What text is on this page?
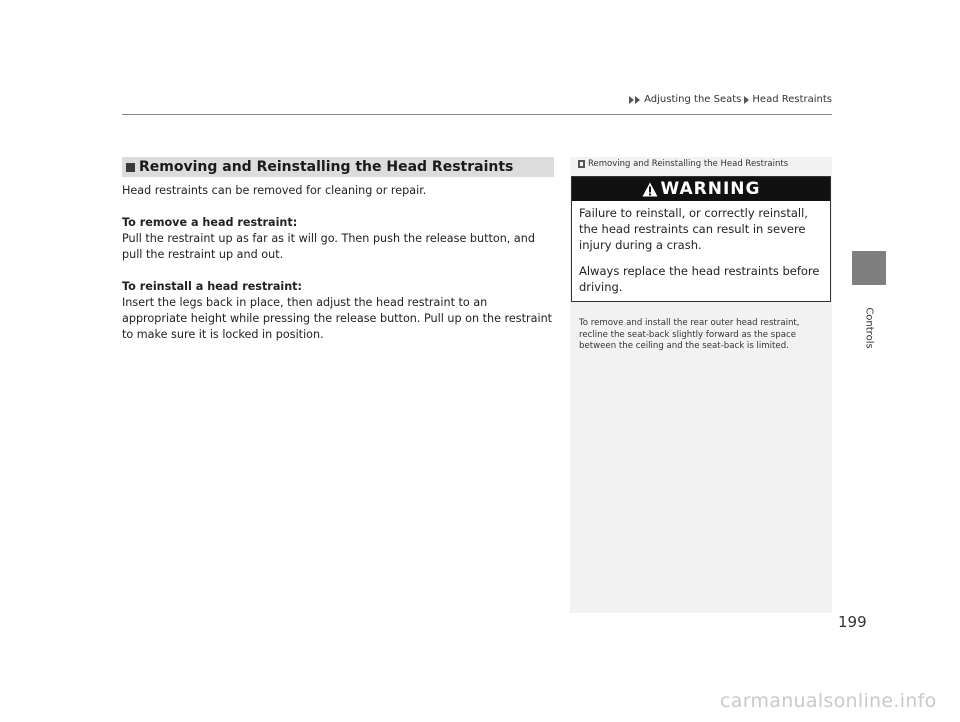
Adjusting the Seats Head Restraints
Controls
Removing and Reinstalling the Head Restraints

Head restraints can be removed for cleaning or repair.

To remove a head restraint:

Pull the restraint up as far as it will go. Then push the release button, and pull the restraint up and out.

To reinstall a head restraint:

Insert the legs back in place, then adjust the head restraint to an appropriate height while pressing the release button. Pull up on the restraint to make sure it is locked in position.

Removing and Reinstalling the Head Restraints
WARNING

Failure to reinstall, or correctly reinstall, the head restraints can result in severe injury during a crash.

Always replace the head restraints before driving.

To remove and install the rear outer head restraint, recline the seat-back slightly forward as the space between the ceiling and the seat-back is limited.
199
carmanualsonline.info
